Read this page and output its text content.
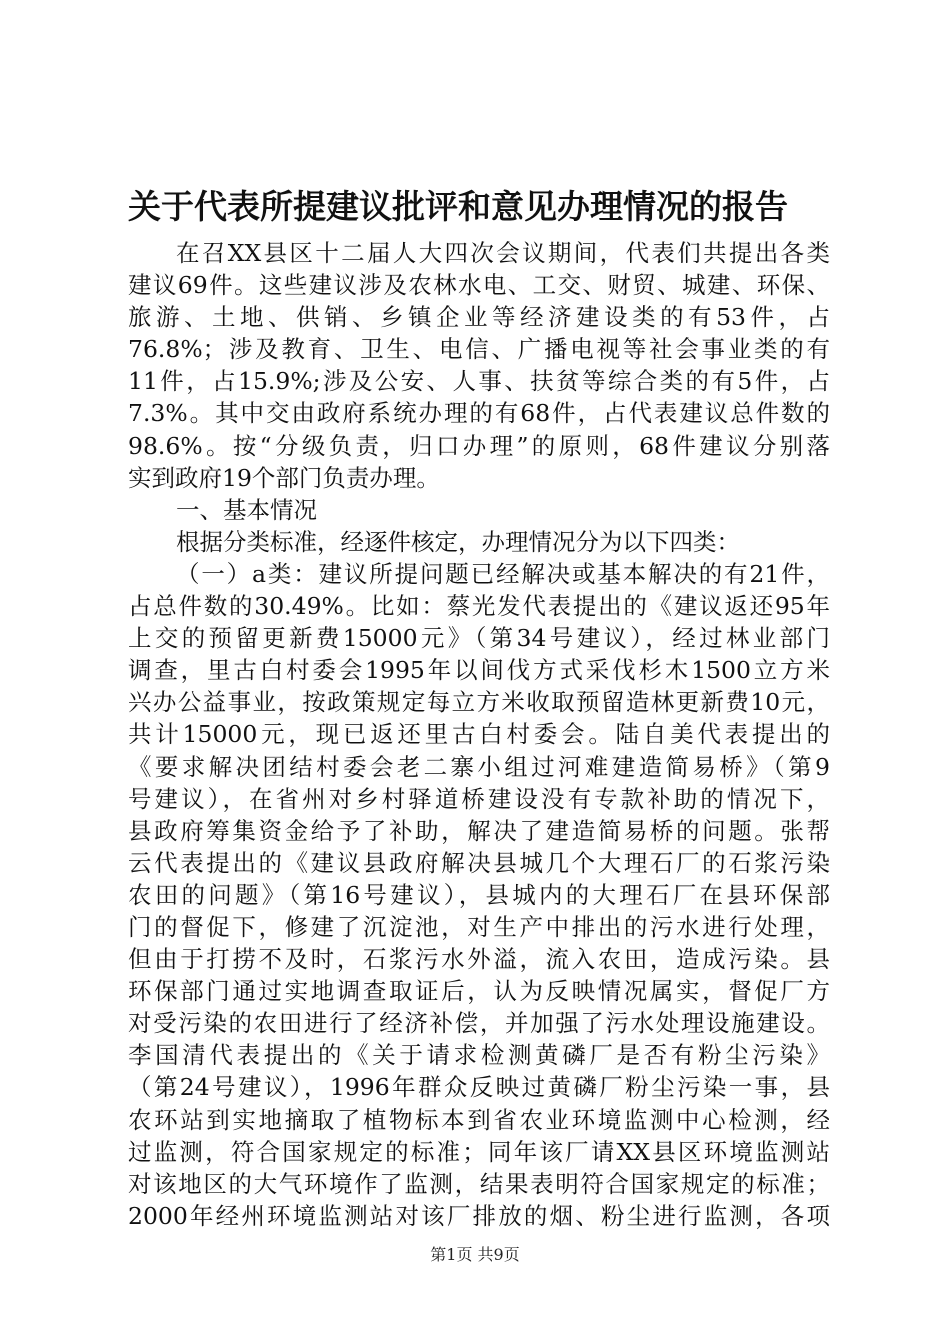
关于代表所提建议批评和意见办理情况的报告
在召XX县区十二届人大四次会议期间，代表们共提出各类
建议69件。这些建议涉及农林水电、工交、财贸、城建、环保、
旅游、土地、供销、乡镇企业等经济建设类的有53件，占
76.8%；涉及教育、卫生、电信、广播电视等社会事业类的有
11件，占15.9%;涉及公安、人事、扶贫等综合类的有5件，占
7.3%。其中交由政府系统办理的有68件，占代表建议总件数的
98.6%。按“分级负责，归口办理”的原则，68件建议分别落
实到政府19个部门负责办理。
一、基本情况
根据分类标准，经逐件核定，办理情况分为以下四类：
（一）a类：建议所提问题已经解决或基本解决的有21件，
占总件数的30.49%。比如：蔡光发代表提出的《建议返还95年
上交的预留更新费15000元》（第34号建议），经过林业部门
调查，里古白村委会1995年以间伐方式采伐杉木1500立方米
兴办公益事业，按政策规定每立方米收取预留造林更新费10元，
共计15000元，现已返还里古白村委会。陆自美代表提出的
《要求解决团结村委会老二寨小组过河难建造简易桥》（第9
号建议），在省州对乡村驿道桥建设没有专款补助的情况下，
县政府筹集资金给予了补助，解决了建造简易桥的问题。张帮
云代表提出的《建议县政府解决县城几个大理石厂的石浆污染
农田的问题》（第16号建议），县城内的大理石厂在县环保部
门的督促下，修建了沉淀池，对生产中排出的污水进行处理，
但由于打捞不及时，石浆污水外溢，流入农田，造成污染。县
环保部门通过实地调查取证后，认为反映情况属实，督促厂方
对受污染的农田进行了经济补偿，并加强了污水处理设施建设。
李国清代表提出的《关于请求检测黄磷厂是否有粉尘污染》
（第24号建议），1996年群众反映过黄磷厂粉尘污染一事，县
农环站到实地摘取了植物标本到省农业环境监测中心检测，经
过监测，符合国家规定的标准；同年该厂请XX县区环境监测站
对该地区的大气环境作了监测，结果表明符合国家规定的标准；
2000年经州环境监测站对该厂排放的烟、粉尘进行监测，各项
第1页 共9页
